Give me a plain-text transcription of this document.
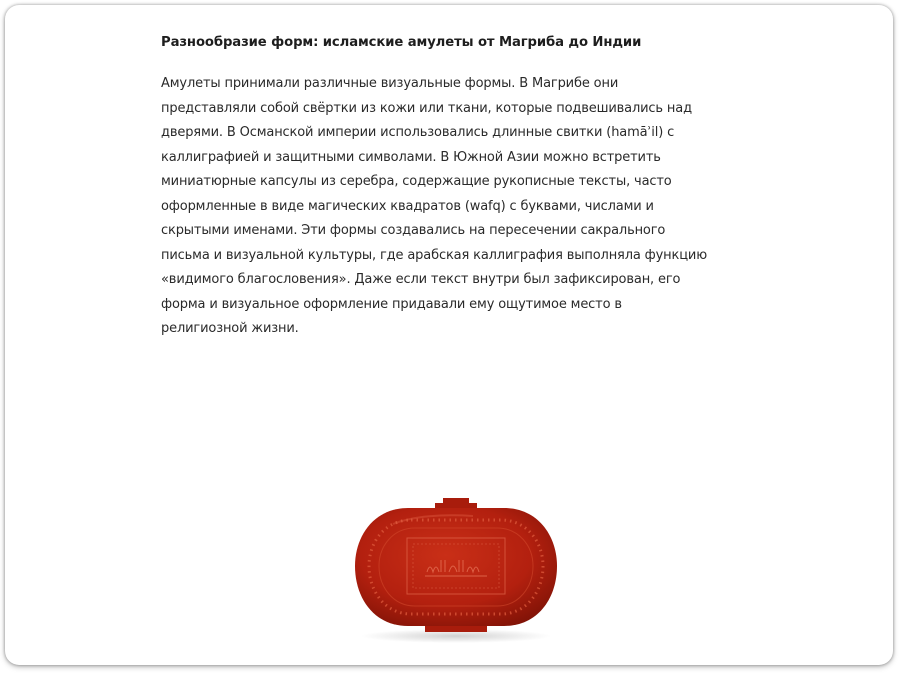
Разнообразие форм: исламские амулеты от Магриба до Индии

Амулеты принимали различные визуальные формы. В Магрибе они
представляли собой свёртки из кожи или ткани, которые подвешивались над
дверями. В Османской империи использовались длинные свитки (hamāʾil) с
каллиграфией и защитными символами. В Южной Азии можно встретить
миниатюрные капсулы из серебра, содержащие рукописные тексты, часто
оформленные в виде магических квадратов (wafq) с буквами, числами и
скрытыми именами. Эти формы создавались на пересечении сакрального
письма и визуальной культуры, где арабская каллиграфия выполняла функцию
«видимого благословения». Даже если текст внутри был зафиксирован, его
форма и визуальное оформление придавали ему ощутимое место в
религиозной жизни.
